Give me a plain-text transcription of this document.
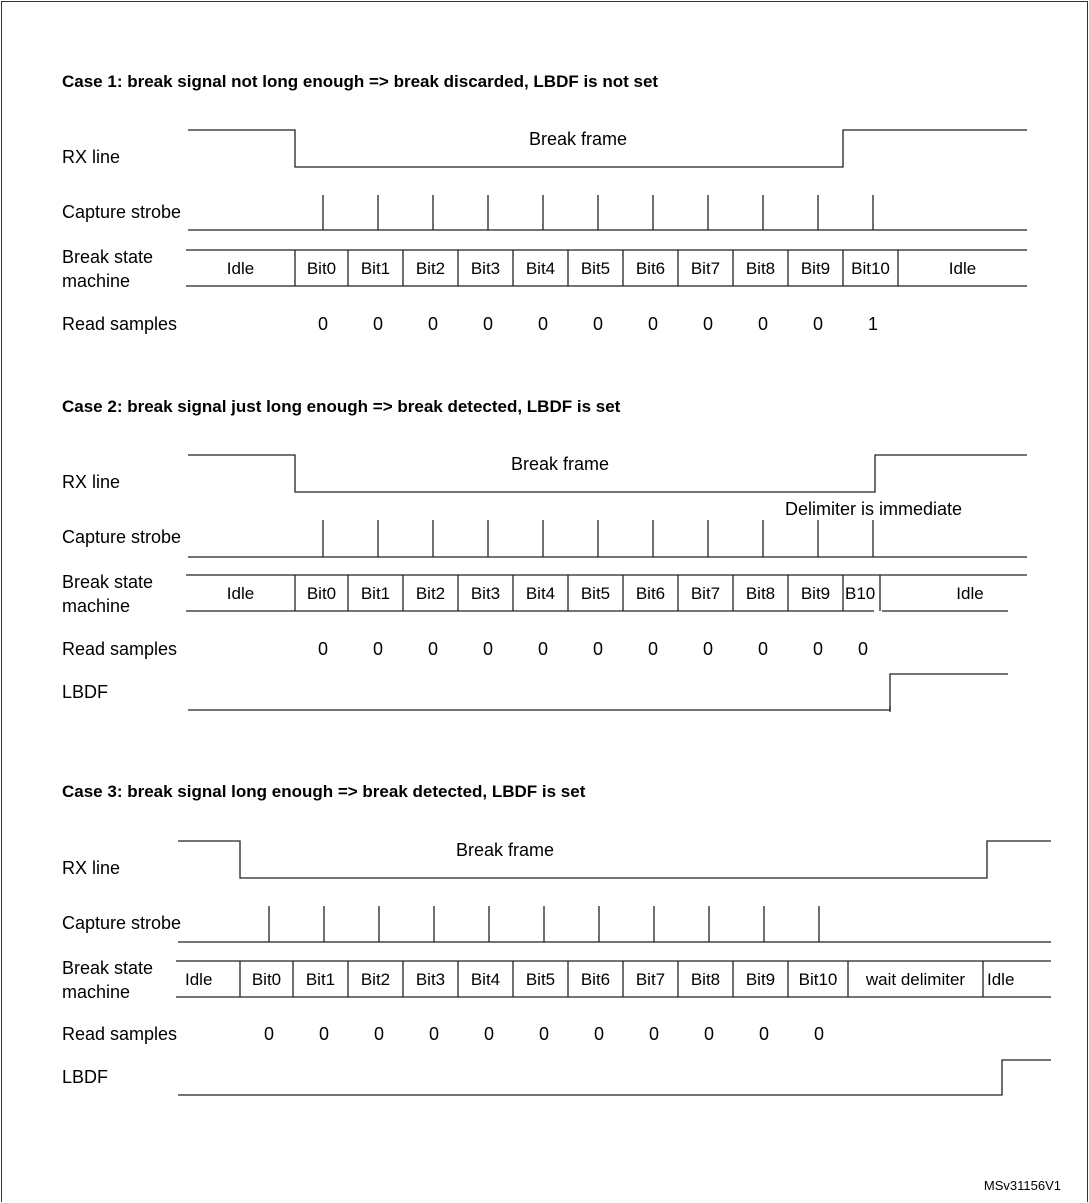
Case 1: break signal not long enough => break discarded, LBDF is not set
RX line
Break frame
Capture strobe
Break state
machine
Idle	Bit0 Bit1 Bit2 Bit3 Bit4 Bit5 Bit6 Bit7 Bit8 Bit9 Bit10	Idle
Read samples	0 0 0 0 0 0 0 0 0 0 1
Case 2: break signal just long enough => break detected, LBDF is set
RX line
Break frame
Delimiter is immediate
Capture strobe
Break state
machine
Idle	Bit0 Bit1 Bit2 Bit3 Bit4 Bit5 Bit6 Bit7 Bit8 Bit9 B10	Idle
Read samples	0 0 0 0 0 0 0 0 0 0 0
LBDF
Case 3: break signal long enough => break detected, LBDF is set
RX line
Break frame
Capture strobe
Break state
machine
Idle Bit0 Bit1 Bit2 Bit3 Bit4 Bit5 Bit6 Bit7 Bit8 Bit9 Bit10 wait delimiter Idle
Read samples	0 0 0 0 0 0 0 0 0 0 0
LBDF
MSv31156V1
